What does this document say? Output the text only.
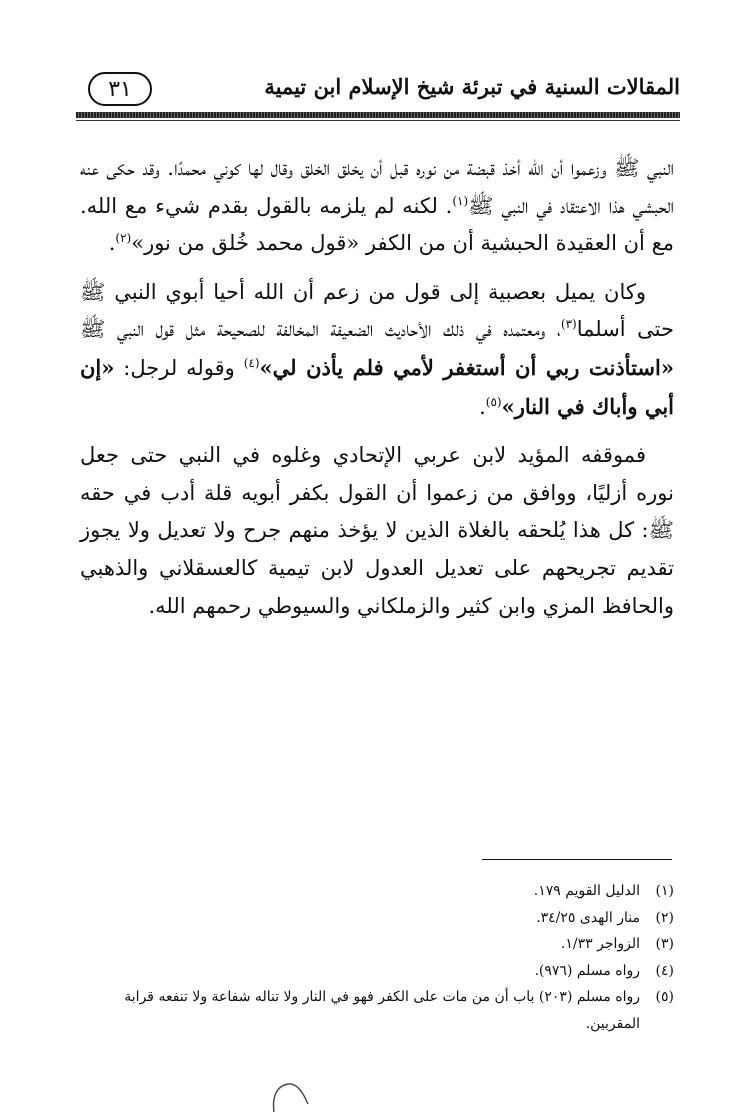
٣١	المقالات السنية في تبرئة شيخ الإسلام ابن تيمية

النبي ﷺ وزعموا أن الله أخذ قبضة من نوره قبل أن يخلق الخلق وقال لها كوني محمدًا. وقد حكى عنه الحبشي هذا الاعتقاد في النبي ﷺ$^{(١)}$. لكنه لم يلزمه بالقول بقدم شيء مع الله. مع أن العقيدة الحبشية أن من الكفر «قول محمد خُلق من نور»$^{(٢)}$.

وكان يميل بعصبية إلى قول من زعم أن الله أحيا أبوي النبي ﷺ حتى أسلما$^{(٣)}$، ومعتمده في ذلك الأحاديث الضعيفة المخالفة للصحيحة مثل قول النبي ﷺ «استأذنت ربي أن أستغفر لأمي فلم يأذن لي»$^{(٤)}$ وقوله لرجل: «إن أبي وأباك في النار»$^{(٥)}$.

فموقفه المؤيد لابن عربي الإتحادي وغلوه في النبي حتى جعل نوره أزليًا، ووافق من زعموا أن القول بكفر أبويه قلة أدب في حقه ﷺ: كل هذا يُلحقه بالغلاة الذين لا يؤخذ منهم جرح ولا تعديل ولا يجوز تقديم تجريحهم على تعديل العدول لابن تيمية كالعسقلاني والذهبي والحافظ المزي وابن كثير والزملكاني والسيوطي رحمهم الله.

(١)
الدليل القويم ١٧٩.
(٢)
منار الهدى ٣٤/٢٥.
(٣)
الزواجر ١/٣٣.
(٤)
رواه مسلم (٩٧٦).
(٥)
رواه مسلم (٢٠٣) باب أن من مات على الكفر فهو في النار ولا تناله شفاعة ولا تنفعه قرابة المقربين.
